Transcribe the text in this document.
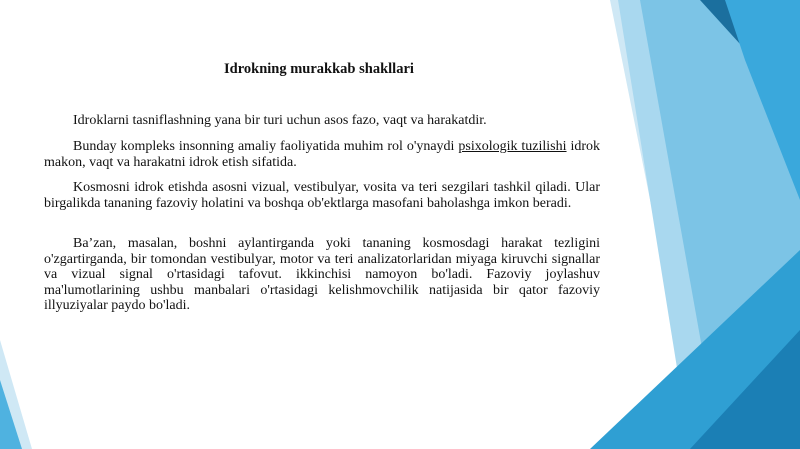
Idrokning murakkab shakllari

Idroklarni tasniflashning yana bir turi uchun asos fazo, vaqt va harakatdir.

Bunday kompleks insonning amaliy faoliyatida muhim rol o'ynaydi psixologik tuzilishi idrok makon, vaqt va harakatni idrok etish sifatida.

Kosmosni idrok etishda asosni vizual, vestibulyar, vosita va teri sezgilari tashkil qiladi. Ular birgalikda tananing fazoviy holatini va boshqa ob'ektlarga masofani baholashga imkon beradi.

Ba’zan, masalan, boshni aylantirganda yoki tananing kosmosdagi harakat tezligini o'zgartirganda, bir tomondan vestibulyar, motor va teri analizatorlaridan miyaga kiruvchi signallar va vizual signal o'rtasidagi tafovut. ikkinchisi namoyon bo'ladi. Fazoviy joylashuv ma'lumotlarining ushbu manbalari o'rtasidagi kelishmovchilik natijasida bir qator fazoviy illyuziyalar paydo bo'ladi.
